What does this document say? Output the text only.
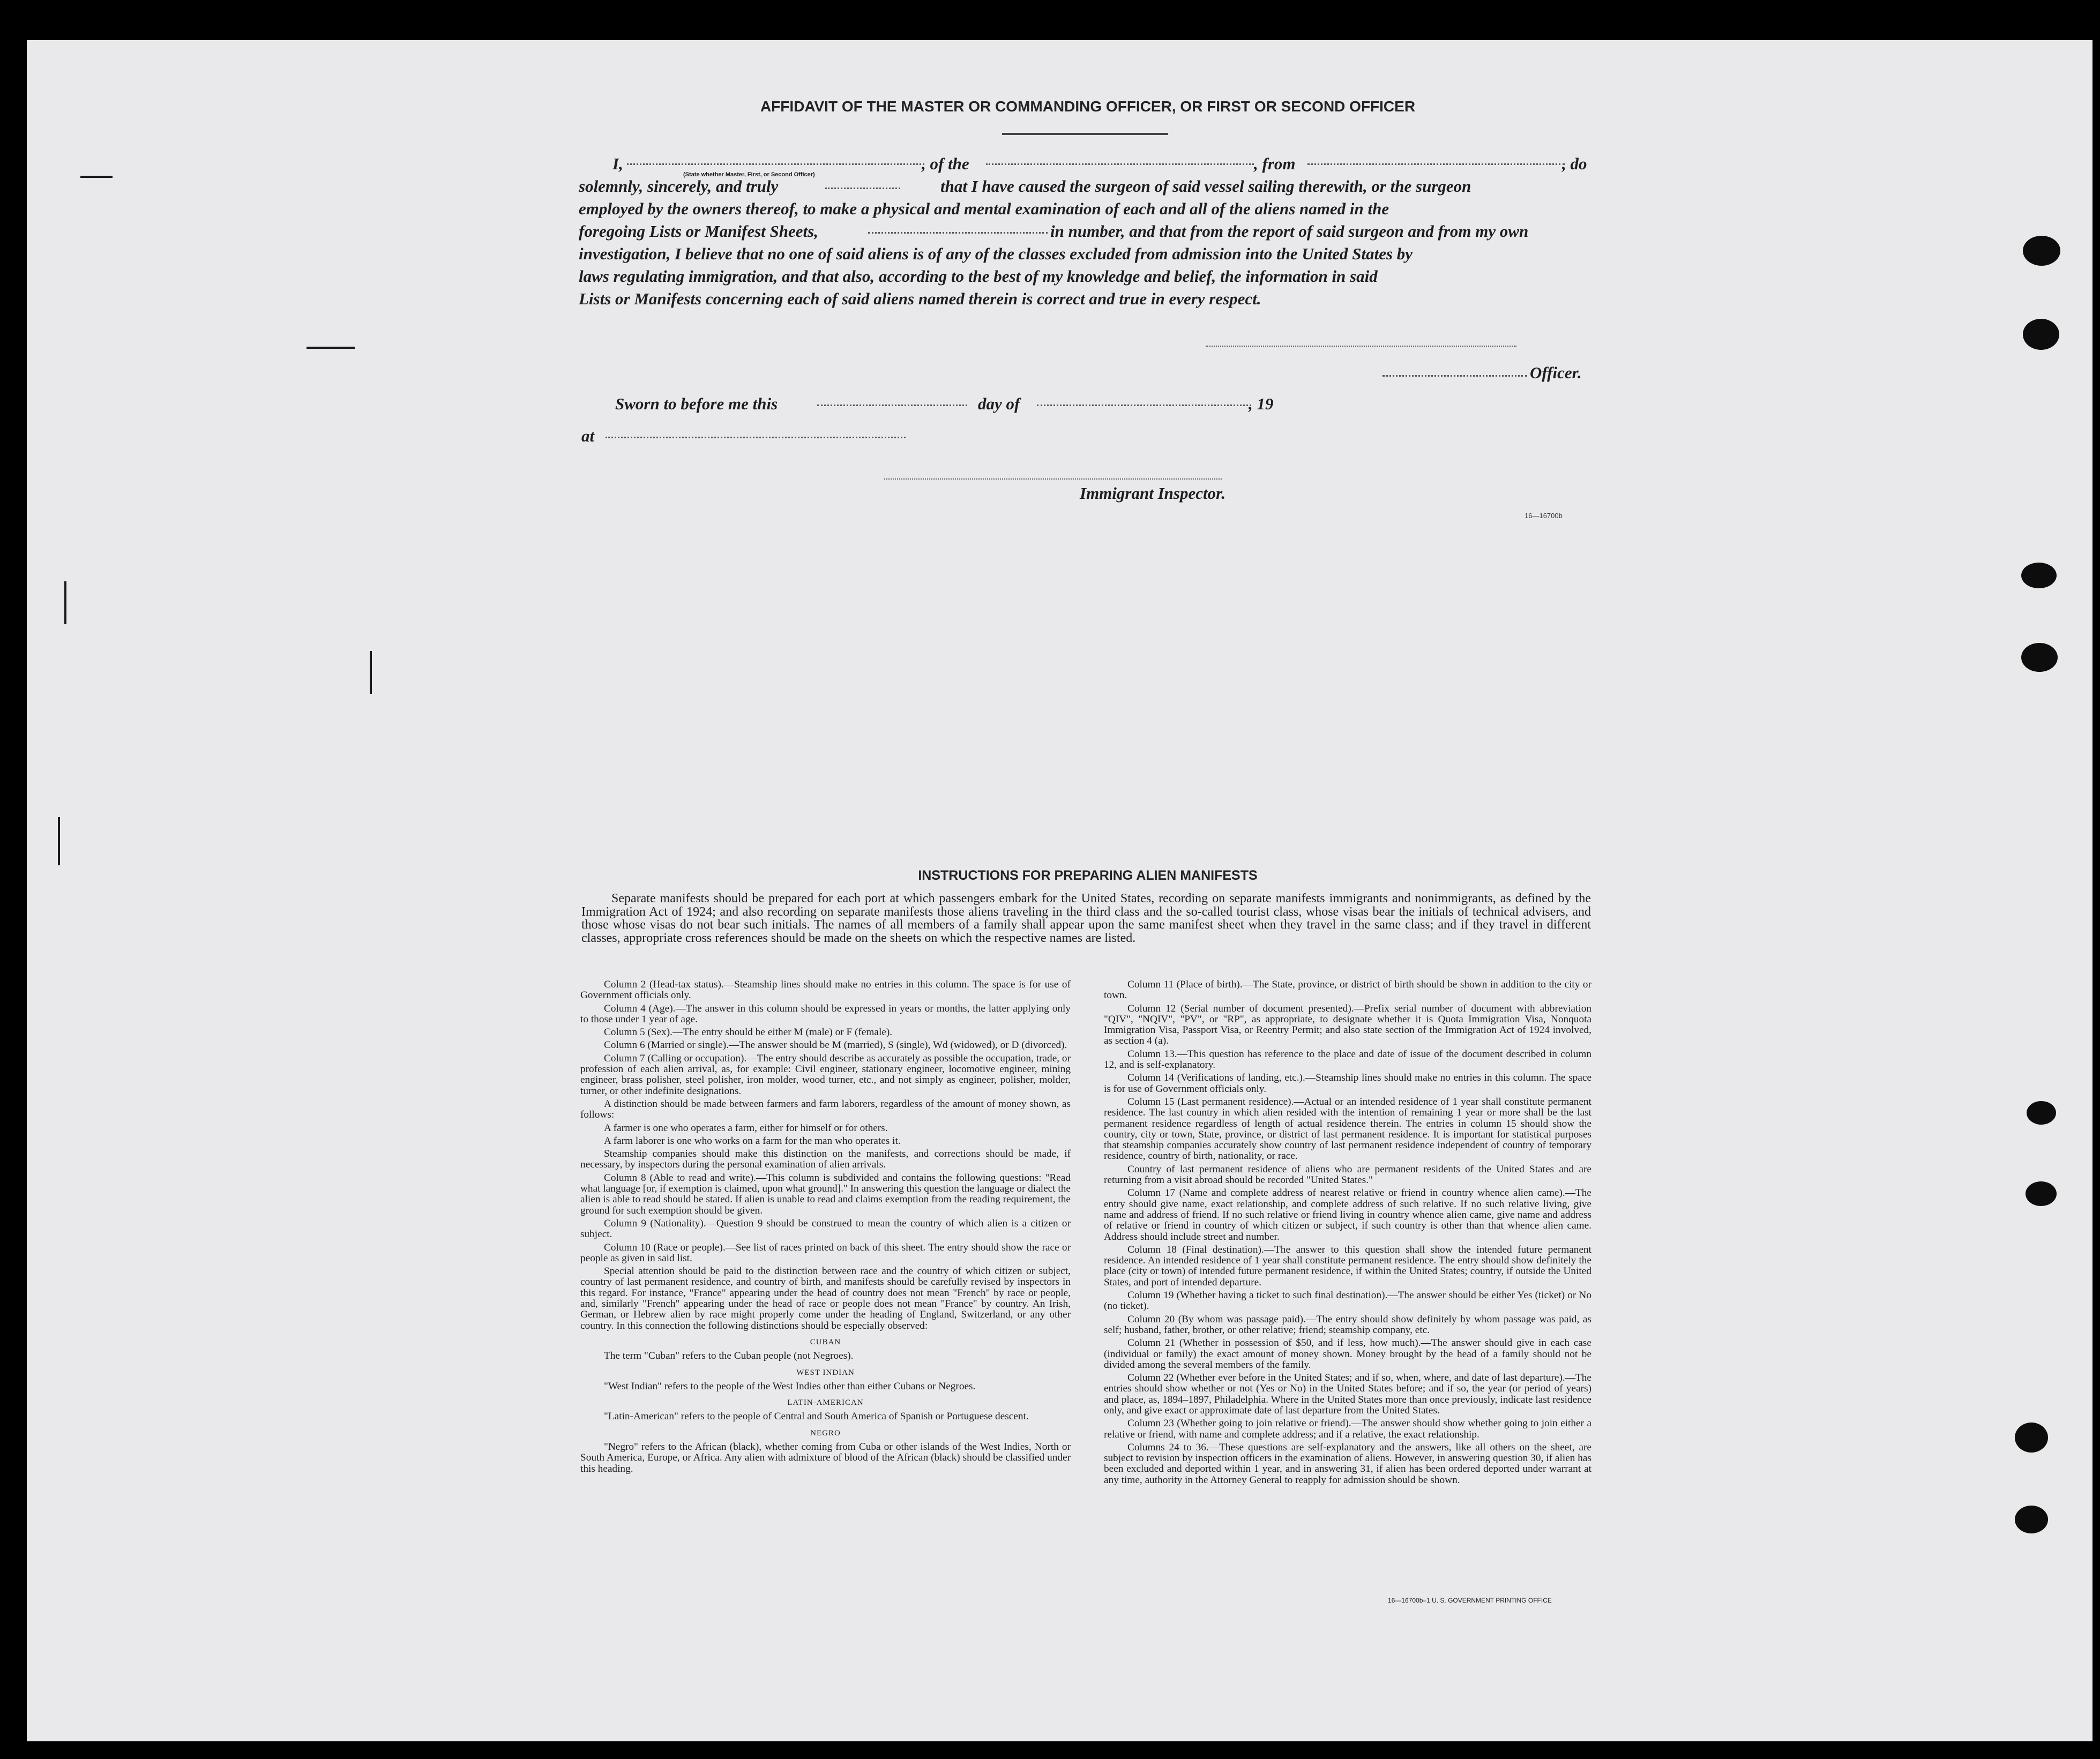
AFFIDAVIT OF THE MASTER OR COMMANDING OFFICER, OR FIRST OR SECOND OFFICER
I,	, of the	, from	, do
(State whether Master, First, or Second Officer)
solemnly, sincerely, and truly	that I have caused the surgeon of said vessel sailing therewith, or the surgeon
employed by the owners thereof, to make a physical and mental examination of each and all of the aliens named in the
foregoing Lists or Manifest Sheets,	in number, and that from the report of said surgeon and from my own
investigation, I believe that no one of said aliens is of any of the classes excluded from admission into the United States by
laws regulating immigration, and that also, according to the best of my knowledge and belief, the information in said
Lists or Manifests concerning each of said aliens named therein is correct and true in every respect.
Officer.
Sworn to before me this	day of	, 19
at
Immigrant Inspector.
16—16700b
INSTRUCTIONS FOR PREPARING ALIEN MANIFESTS
Separate manifests should be prepared for each port at which passengers embark for the United States, recording on separate manifests immigrants and nonimmigrants, as defined by the Immigration Act of 1924; and also recording on separate manifests those aliens traveling in the third class and the so-called tourist class, whose visas bear the initials of technical advisers, and those whose visas do not bear such initials. The names of all members of a family shall appear upon the same manifest sheet when they travel in the same class; and if they travel in different classes, appropriate cross references should be made on the sheets on which the respective names are listed.

Column 2 (Head-tax status).—Steamship lines should make no entries in this column. The space is for use of Government officials only.

Column 4 (Age).—The answer in this column should be expressed in years or months, the latter applying only to those under 1 year of age.

Column 5 (Sex).—The entry should be either M (male) or F (female).

Column 6 (Married or single).—The answer should be M (married), S (single), Wd (widowed), or D (divorced).

Column 7 (Calling or occupation).—The entry should describe as accurately as possible the occupation, trade, or profession of each alien arrival, as, for example: Civil engineer, stationary engineer, locomotive engineer, mining engineer, brass polisher, steel polisher, iron molder, wood turner, etc., and not simply as engineer, polisher, molder, turner, or other indefinite designations.

A distinction should be made between farmers and farm laborers, regardless of the amount of money shown, as follows:

A farmer is one who operates a farm, either for himself or for others.

A farm laborer is one who works on a farm for the man who operates it.

Steamship companies should make this distinction on the manifests, and corrections should be made, if necessary, by inspectors during the personal examination of alien arrivals.

Column 8 (Able to read and write).—This column is subdivided and contains the following questions: "Read what language [or, if exemption is claimed, upon what ground]." In answering this question the language or dialect the alien is able to read should be stated. If alien is unable to read and claims exemption from the reading requirement, the ground for such exemption should be given.

Column 9 (Nationality).—Question 9 should be construed to mean the country of which alien is a citizen or subject.

Column 10 (Race or people).—See list of races printed on back of this sheet. The entry should show the race or people as given in said list.

Special attention should be paid to the distinction between race and the country of which citizen or subject, country of last permanent residence, and country of birth, and manifests should be carefully revised by inspectors in this regard. For instance, "France" appearing under the head of country does not mean "French" by race or people, and, similarly "French" appearing under the head of race or people does not mean "France" by country. An Irish, German, or Hebrew alien by race might properly come under the heading of England, Switzerland, or any other country. In this connection the following distinctions should be especially observed:

CUBAN

The term "Cuban" refers to the Cuban people (not Negroes).

WEST INDIAN

"West Indian" refers to the people of the West Indies other than either Cubans or Negroes.

LATIN-AMERICAN

"Latin-American" refers to the people of Central and South America of Spanish or Portuguese descent.

NEGRO

"Negro" refers to the African (black), whether coming from Cuba or other islands of the West Indies, North or South America, Europe, or Africa. Any alien with admixture of blood of the African (black) should be classified under this heading.

Column 11 (Place of birth).—The State, province, or district of birth should be shown in addition to the city or town.

Column 12 (Serial number of document presented).—Prefix serial number of document with abbreviation "QIV", "NQIV", "PV", or "RP", as appropriate, to designate whether it is Quota Immigration Visa, Nonquota Immigration Visa, Passport Visa, or Reentry Permit; and also state section of the Immigration Act of 1924 involved, as section 4 (a).

Column 13.—This question has reference to the place and date of issue of the document described in column 12, and is self-explanatory.

Column 14 (Verifications of landing, etc.).—Steamship lines should make no entries in this column. The space is for use of Government officials only.

Column 15 (Last permanent residence).—Actual or an intended residence of 1 year shall constitute permanent residence. The last country in which alien resided with the intention of remaining 1 year or more shall be the last permanent residence regardless of length of actual residence therein. The entries in column 15 should show the country, city or town, State, province, or district of last permanent residence. It is important for statistical purposes that steamship companies accurately show country of last permanent residence independent of country of temporary residence, country of birth, nationality, or race.

Country of last permanent residence of aliens who are permanent residents of the United States and are returning from a visit abroad should be recorded "United States."

Column 17 (Name and complete address of nearest relative or friend in country whence alien came).—The entry should give name, exact relationship, and complete address of such relative. If no such relative living, give name and address of friend. If no such relative or friend living in country whence alien came, give name and address of relative or friend in country of which citizen or subject, if such country is other than that whence alien came. Address should include street and number.

Column 18 (Final destination).—The answer to this question shall show the intended future permanent residence. An intended residence of 1 year shall constitute permanent residence. The entry should show definitely the place (city or town) of intended future permanent residence, if within the United States; country, if outside the United States, and port of intended departure.

Column 19 (Whether having a ticket to such final destination).—The answer should be either Yes (ticket) or No (no ticket).

Column 20 (By whom was passage paid).—The entry should show definitely by whom passage was paid, as self; husband, father, brother, or other relative; friend; steamship company, etc.

Column 21 (Whether in possession of $50, and if less, how much).—The answer should give in each case (individual or family) the exact amount of money shown. Money brought by the head of a family should not be divided among the several members of the family.

Column 22 (Whether ever before in the United States; and if so, when, where, and date of last departure).—The entries should show whether or not (Yes or No) in the United States before; and if so, the year (or period of years) and place, as, 1894–1897, Philadelphia. Where in the United States more than once previously, indicate last residence only, and give exact or approximate date of last departure from the United States.

Column 23 (Whether going to join relative or friend).—The answer should show whether going to join either a relative or friend, with name and complete address; and if a relative, the exact relationship.

Columns 24 to 36.—These questions are self-explanatory and the answers, like all others on the sheet, are subject to revision by inspection officers in the examination of aliens. However, in answering question 30, if alien has been excluded and deported within 1 year, and in answering 31, if alien has been ordered deported under warrant at any time, authority in the Attorney General to reapply for admission should be shown.

16—16700b–1 U. S. GOVERNMENT PRINTING OFFICE
